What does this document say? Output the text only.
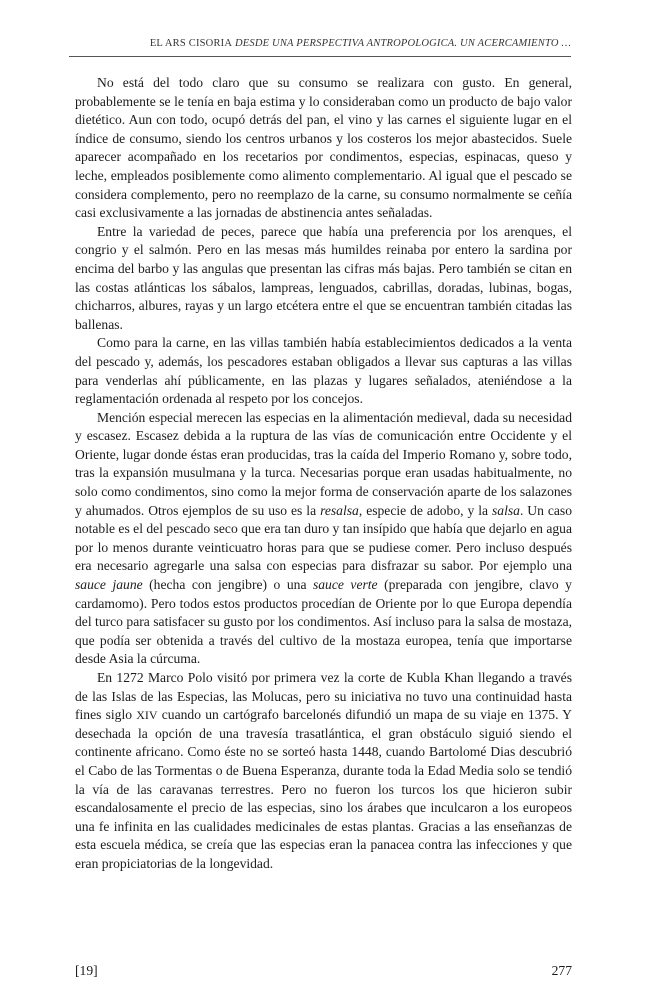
EL ARS CISORIA DESDE UNA PERSPECTIVA ANTROPOLÓGICA. UN ACERCAMIENTO …

No está del todo claro que su consumo se realizara con gusto. En general, probablemente se le tenía en baja estima y lo consideraban como un producto de bajo valor dietético. Aun con todo, ocupó detrás del pan, el vino y las carnes el siguiente lugar en el índice de consumo, siendo los centros urbanos y los costeros los mejor abastecidos. Suele aparecer acompañado en los recetarios por condimentos, especias, espinacas, queso y leche, empleados posiblemente como alimento complementario. Al igual que el pescado se considera complemento, pero no reemplazo de la carne, su consumo normalmente se ceñía casi exclusivamente a las jornadas de abstinencia antes señaladas.

Entre la variedad de peces, parece que había una preferencia por los arenques, el congrio y el salmón. Pero en las mesas más humildes reinaba por entero la sardina por encima del barbo y las angulas que presentan las cifras más bajas. Pero también se citan en las costas atlánticas los sábalos, lampreas, lenguados, cabrillas, doradas, lubinas, bogas, chicharros, albures, rayas y un largo etcétera entre el que se encuentran también citadas las ballenas.

Como para la carne, en las villas también había establecimientos dedicados a la venta del pescado y, además, los pescadores estaban obligados a llevar sus capturas a las villas para venderlas ahí públicamente, en las plazas y lugares señalados, ateniéndose a la reglamentación ordenada al respeto por los concejos.

Mención especial merecen las especias en la alimentación medieval, dada su necesidad y escasez. Escasez debida a la ruptura de las vías de comunicación entre Occidente y el Oriente, lugar donde éstas eran producidas, tras la caída del Imperio Romano y, sobre todo, tras la expansión musulmana y la turca. Necesarias porque eran usadas habitualmente, no solo como condimentos, sino como la mejor forma de conservación aparte de los salazones y ahumados. Otros ejemplos de su uso es la resalsa, especie de adobo, y la salsa. Un caso notable es el del pescado seco que era tan duro y tan insípido que había que dejarlo en agua por lo menos durante veinticuatro horas para que se pudiese comer. Pero incluso después era necesario agregarle una salsa con especias para disfrazar su sabor. Por ejemplo una sauce jaune (hecha con jengibre) o una sauce verte (preparada con jengibre, clavo y cardamomo). Pero todos estos productos procedían de Oriente por lo que Europa dependía del turco para satisfacer su gusto por los condimentos. Así incluso para la salsa de mostaza, que podía ser obtenida a través del cultivo de la mostaza europea, tenía que importarse desde Asia la cúrcuma.

En 1272 Marco Polo visitó por primera vez la corte de Kubla Khan llegando a través de las Islas de las Especias, las Molucas, pero su iniciativa no tuvo una continuidad hasta fines siglo XIV cuando un cartógrafo barcelonés difundió un mapa de su viaje en 1375. Y desechada la opción de una travesía trasatlántica, el gran obstáculo siguió siendo el continente africano. Como éste no se sorteó hasta 1448, cuando Bartolomé Dias descubrió el Cabo de las Tormentas o de Buena Esperanza, durante toda la Edad Media solo se tendió la vía de las caravanas terrestres. Pero no fueron los turcos los que hicieron subir escandalosamente el precio de las especias, sino los árabes que inculcaron a los europeos una fe infinita en las cualidades medicinales de estas plantas. Gracias a las enseñanzas de esta escuela médica, se creía que las especias eran la panacea contra las infecciones y que eran propiciatorias de la longevidad.

[19]	277
